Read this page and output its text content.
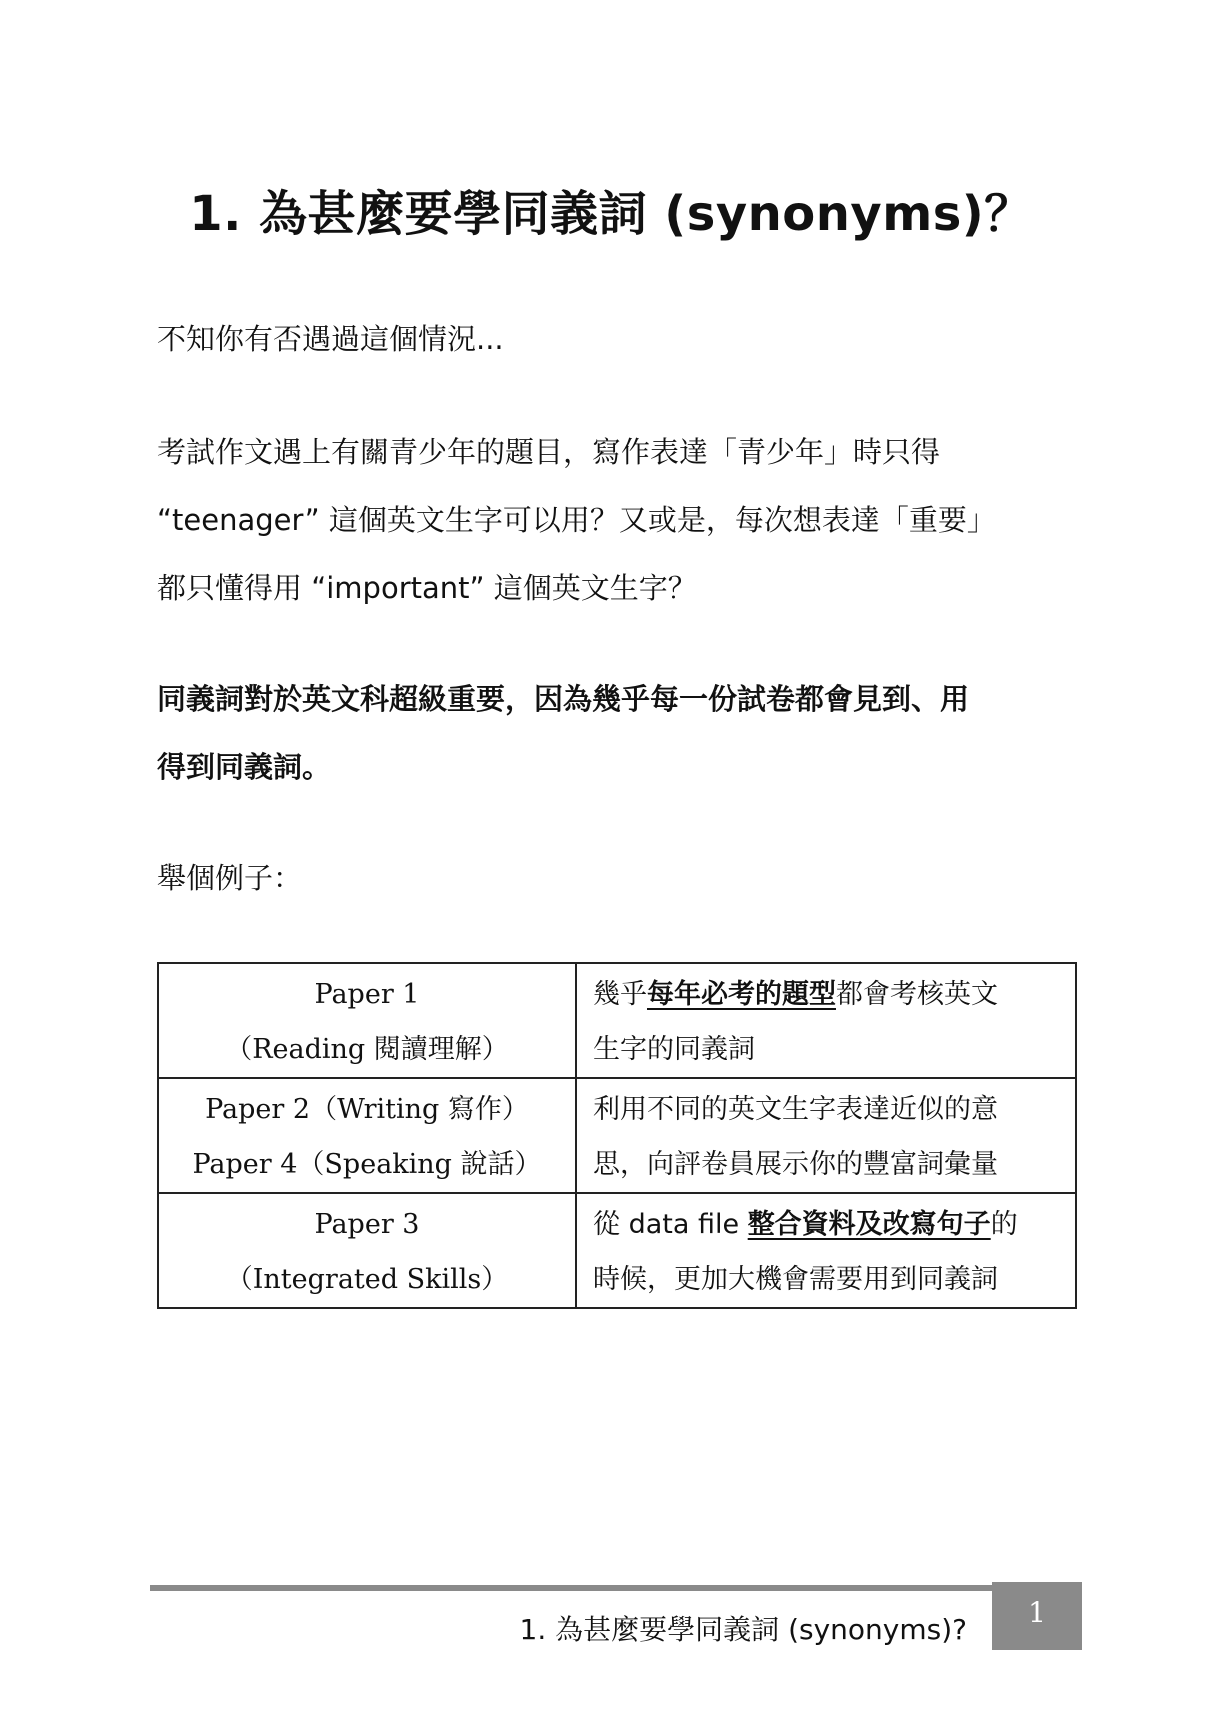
1. 為甚麼要學同義詞 (synonyms)？
不知你有否遇過這個情況...
考試作文遇上有關青少年的題目，寫作表達「青少年」時只得
“teenager” 這個英文生字可以用？又或是，每次想表達「重要」
都只懂得用 “important” 這個英文生字？
同義詞對於英文科超級重要，因為幾乎每一份試卷都會見到、用
得到同義詞。
舉個例子：
Paper 1
（Reading 閱讀理解）	幾乎每年必考的題型都會考核英文
生字的同義詞

Paper 2（Writing 寫作）
Paper 4（Speaking 說話）	利用不同的英文生字表達近似的意
思，向評卷員展示你的豐富詞彙量

Paper 3
（Integrated Skills）	從 data file 整合資料及改寫句子的
時候，更加大機會需要用到同義詞
1. 為甚麼要學同義詞 (synonyms)?
1
